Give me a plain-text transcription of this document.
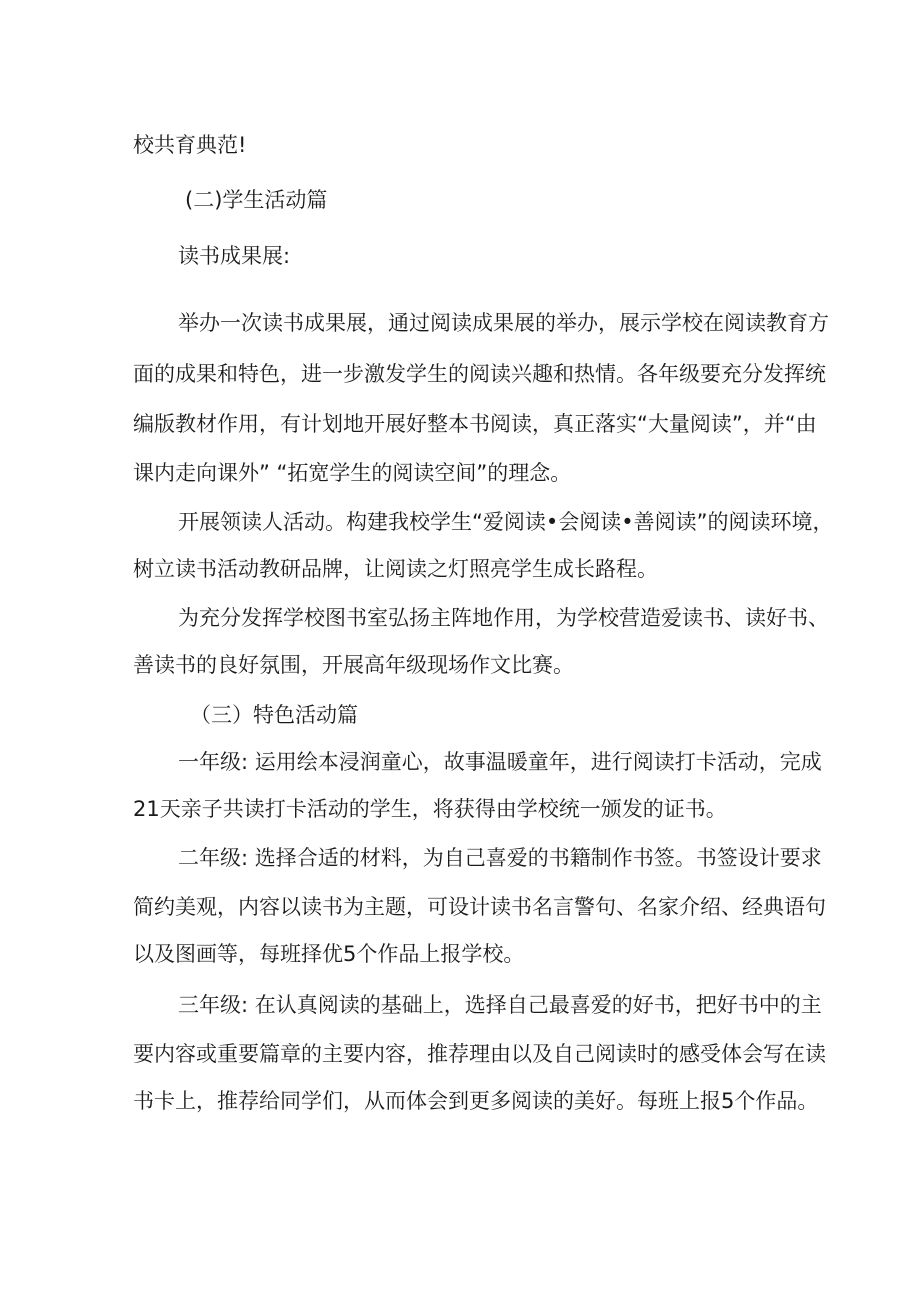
校共育典范!
(二)学生活动篇
读书成果展:
举办一次读书成果展，通过阅读成果展的举办，展示学校在阅读教育方
面的成果和特色，进一步激发学生的阅读兴趣和热情。各年级要充分发挥统
编版教材作用，有计划地开展好整本书阅读，真正落实“大量阅读”，并“由
课内走向课外” “拓宽学生的阅读空间”的理念。
开展领读人活动。构建我校学生“爱阅读•会阅读•善阅读”的阅读环境，
树立读书活动教研品牌，让阅读之灯照亮学生成长路程。
为充分发挥学校图书室弘扬主阵地作用，为学校营造爱读书、读好书、
善读书的良好氛围，开展高年级现场作文比赛。
（三）特色活动篇
一年级: 运用绘本浸润童心，故事温暖童年，进行阅读打卡活动，完成
21天亲子共读打卡活动的学生，将获得由学校统一颁发的证书。
二年级: 选择合适的材料，为自己喜爱的书籍制作书签。书签设计要求
简约美观，内容以读书为主题，可设计读书名言警句、名家介绍、经典语句
以及图画等，每班择优5个作品上报学校。
三年级: 在认真阅读的基础上，选择自己最喜爱的好书，把好书中的主
要内容或重要篇章的主要内容，推荐理由以及自己阅读时的感受体会写在读
书卡上，推荐给同学们，从而体会到更多阅读的美好。每班上报5个作品。
